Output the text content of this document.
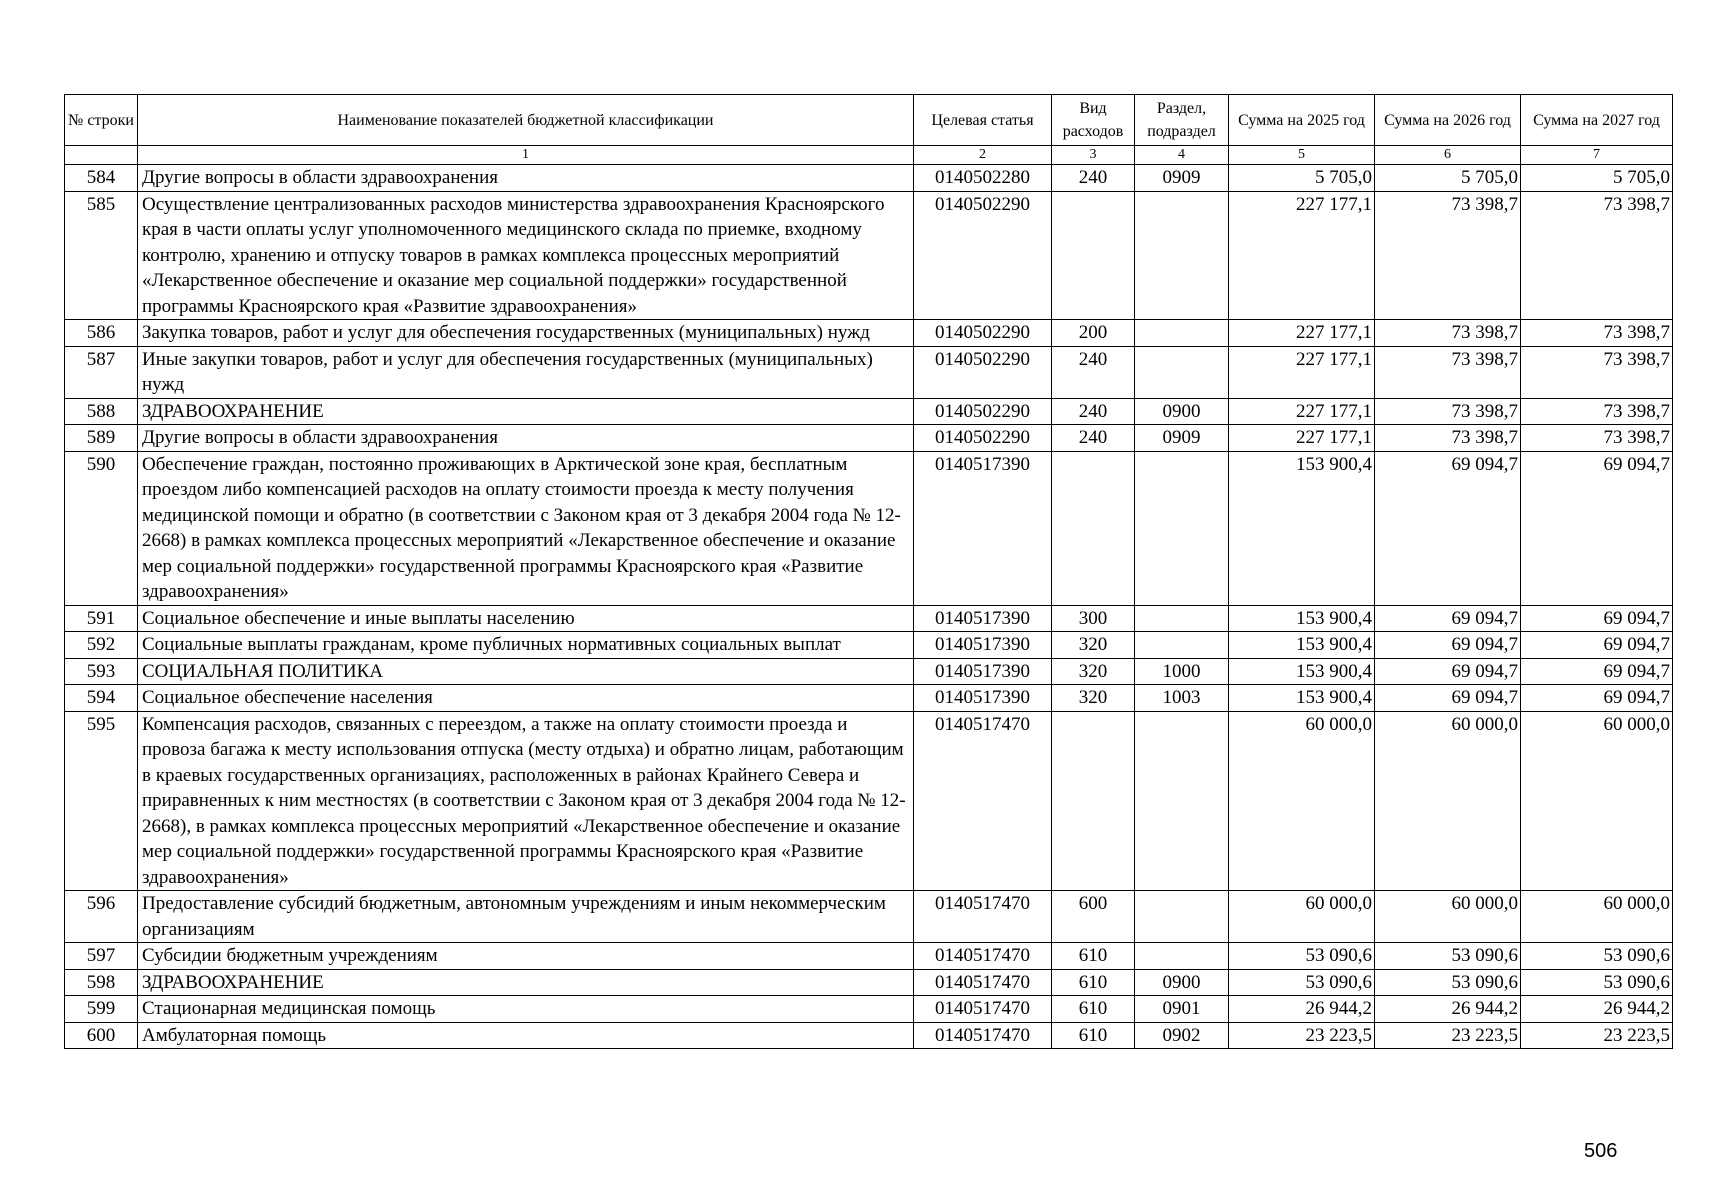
№ строки	Наименование показателей бюджетной классификации	Целевая статья	Вид расходов	Раздел, подраздел	Сумма на 2025 год	Сумма на 2026 год	Сумма на 2027 год
	1	2	3	4	5	6	7
584	Другие вопросы в области здравоохранения	0140502280	240	0909	5 705,0	5 705,0	5 705,0
585	Осуществление централизованных расходов министерства здравоохранения Красноярского края в части оплаты услуг уполномоченного медицинского склада по приемке, входному контролю, хранению и отпуску товаров в рамках комплекса процессных мероприятий «Лекарственное обеспечение и оказание мер социальной поддержки» государственной программы Красноярского края «Развитие здравоохранения»	0140502290			227 177,1	73 398,7	73 398,7
586	Закупка товаров, работ и услуг для обеспечения государственных (муниципальных) нужд	0140502290	200		227 177,1	73 398,7	73 398,7
587	Иные закупки товаров, работ и услуг для обеспечения государственных (муниципальных) нужд	0140502290	240		227 177,1	73 398,7	73 398,7
588	ЗДРАВООХРАНЕНИЕ	0140502290	240	0900	227 177,1	73 398,7	73 398,7
589	Другие вопросы в области здравоохранения	0140502290	240	0909	227 177,1	73 398,7	73 398,7
590	Обеспечение граждан, постоянно проживающих в Арктической зоне края, бесплатным проездом либо компенсацией расходов на оплату стоимости проезда к месту получения медицинской помощи и обратно (в соответствии с Законом края от 3 декабря 2004 года № 12-2668) в рамках комплекса процессных мероприятий «Лекарственное обеспечение и оказание мер социальной поддержки» государственной программы Красноярского края «Развитие здравоохранения»	0140517390			153 900,4	69 094,7	69 094,7
591	Социальное обеспечение и иные выплаты населению	0140517390	300		153 900,4	69 094,7	69 094,7
592	Социальные выплаты гражданам, кроме публичных нормативных социальных выплат	0140517390	320		153 900,4	69 094,7	69 094,7
593	СОЦИАЛЬНАЯ ПОЛИТИКА	0140517390	320	1000	153 900,4	69 094,7	69 094,7
594	Социальное обеспечение населения	0140517390	320	1003	153 900,4	69 094,7	69 094,7
595	Компенсация расходов, связанных с переездом, а также на оплату стоимости проезда и провоза багажа к месту использования отпуска (месту отдыха) и обратно лицам, работающим в краевых государственных организациях, расположенных в районах Крайнего Севера и приравненных к ним местностях (в соответствии с Законом края от 3 декабря 2004 года № 12-2668), в рамках комплекса процессных мероприятий «Лекарственное обеспечение и оказание мер социальной поддержки» государственной программы Красноярского края «Развитие здравоохранения»	0140517470			60 000,0	60 000,0	60 000,0
596	Предоставление субсидий бюджетным, автономным учреждениям и иным некоммерческим организациям	0140517470	600		60 000,0	60 000,0	60 000,0
597	Субсидии бюджетным учреждениям	0140517470	610		53 090,6	53 090,6	53 090,6
598	ЗДРАВООХРАНЕНИЕ	0140517470	610	0900	53 090,6	53 090,6	53 090,6
599	Стационарная медицинская помощь	0140517470	610	0901	26 944,2	26 944,2	26 944,2
600	Амбулаторная помощь	0140517470	610	0902	23 223,5	23 223,5	23 223,5
506
